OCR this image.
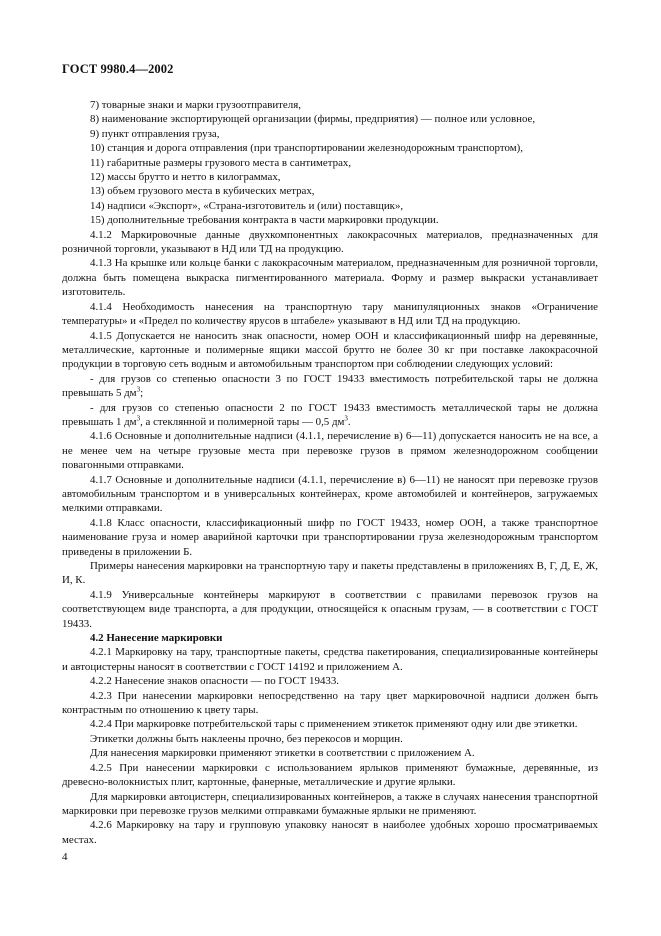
ГОСТ 9980.4—2002

7) товарные знаки и марки грузоотправителя,

8) наименование экспортирующей организации (фирмы, предприятия) — полное или условное,

9) пункт отправления груза,

10) станция и дорога отправления (при транспортировании железнодорожным транспортом),

11) габаритные размеры грузового места в сантиметрах,

12) массы брутто и нетто в килограммах,

13) объем грузового места в кубических метрах,

14) надписи «Экспорт», «Страна-изготовитель и (или) поставщик»,

15) дополнительные требования контракта в части маркировки продукции.

4.1.2 Маркировочные данные двухкомпонентных лакокрасочных материалов, предназначенных для розничной торговли, указывают в НД или ТД на продукцию.

4.1.3 На крышке или кольце банки с лакокрасочным материалом, предназначенным для розничной торговли, должна быть помещена выкраска пигментированного материала. Форму и размер выкраски устанавливает изготовитель.

4.1.4 Необходимость нанесения на транспортную тару манипуляционных знаков «Ограничение температуры» и «Предел по количеству ярусов в штабеле» указывают в НД или ТД на продукцию.

4.1.5 Допускается не наносить знак опасности, номер ООН и классификационный шифр на деревянные, металлические, картонные и полимерные ящики массой брутто не более 30 кг при поставке лакокрасочной продукции в торговую сеть водным и автомобильным транспортом при соблюдении следующих условий:

- для грузов со степенью опасности 3 по ГОСТ 19433 вместимость потребительской тары не должна превышать 5 $дм^3$;

- для грузов со степенью опасности 2 по ГОСТ 19433 вместимость металлической тары не должна превышать 1 $дм^3$, а стеклянной и полимерной тары — 0,5 $дм^3$.

4.1.6 Основные и дополнительные надписи (4.1.1, перечисление в) 6—11) допускается наносить не на все, а не менее чем на четыре грузовые места при перевозке грузов в прямом железнодорожном сообщении повагонными отправками.

4.1.7 Основные и дополнительные надписи (4.1.1, перечисление в) 6—11) не наносят при перевозке грузов автомобильным транспортом и в универсальных контейнерах, кроме автомобилей и контейнеров, загружаемых мелкими отправками.

4.1.8 Класс опасности, классификационный шифр по ГОСТ 19433, номер ООН, а также транспортное наименование груза и номер аварийной карточки при транспортировании груза железнодорожным транспортом приведены в приложении Б.

Примеры нанесения маркировки на транспортную тару и пакеты представлены в приложениях В, Г, Д, Е, Ж, И, К.

4.1.9 Универсальные контейнеры маркируют в соответствии с правилами перевозок грузов на соответствующем виде транспорта, а для продукции, относящейся к опасным грузам, — в соответствии с ГОСТ 19433.

4.2 Нанесение маркировки

4.2.1 Маркировку на тару, транспортные пакеты, средства пакетирования, специализированные контейнеры и автоцистерны наносят в соответствии с ГОСТ 14192 и приложением А.

4.2.2 Нанесение знаков опасности — по ГОСТ 19433.

4.2.3 При нанесении маркировки непосредственно на тару цвет маркировочной надписи должен быть контрастным по отношению к цвету тары.

4.2.4 При маркировке потребительской тары с применением этикеток применяют одну или две этикетки.

Этикетки должны быть наклеены прочно, без перекосов и морщин.

Для нанесения маркировки применяют этикетки в соответствии с приложением А.

4.2.5 При нанесении маркировки с использованием ярлыков применяют бумажные, деревянные, из древесно-волокнистых плит, картонные, фанерные, металлические и другие ярлыки.

Для маркировки автоцистерн, специализированных контейнеров, а также в случаях нанесения транспортной маркировки при перевозке грузов мелкими отправками бумажные ярлыки не применяют.

4.2.6 Маркировку на тару и групповую упаковку наносят в наиболее удобных хорошо просматриваемых местах.

4
